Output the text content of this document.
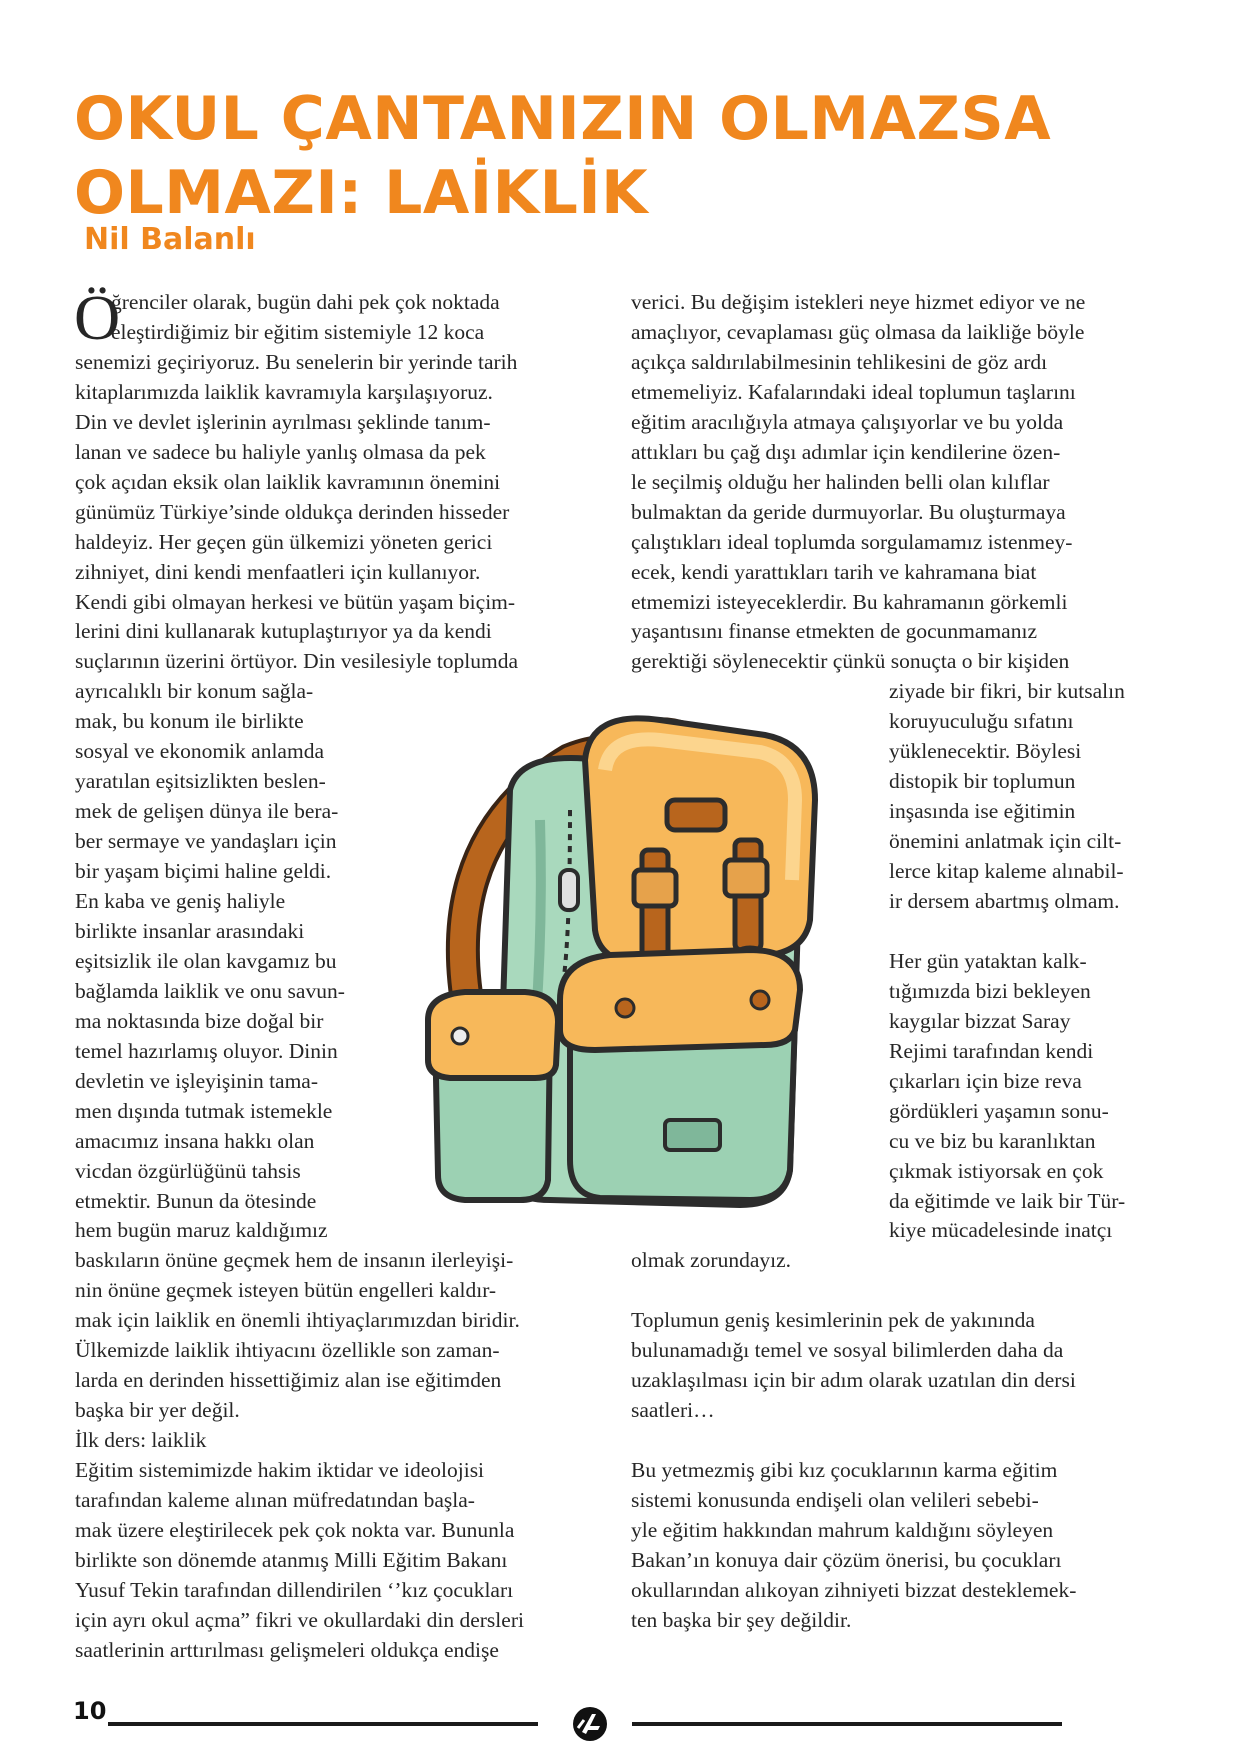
OKUL ÇANTANIZIN OLMAZSA
OLMAZI: LAİKLİK

Nil Balanlı

Ö
ğrenciler olarak, bugün dahi pek çok noktada
eleştirdiğimiz bir eğitim sistemiyle 12 koca
senemizi geçiriyoruz. Bu senelerin bir yerinde tarih
kitaplarımızda laiklik kavramıyla karşılaşıyoruz.
Din ve devlet işlerinin ayrılması şeklinde tanım-
lanan ve sadece bu haliyle yanlış olmasa da pek
çok açıdan eksik olan laiklik kavramının önemini
günümüz Türkiye’sinde oldukça derinden hisseder
haldeyiz. Her geçen gün ülkemizi yöneten gerici
zihniyet, dini kendi menfaatleri için kullanıyor.
Kendi gibi olmayan herkesi ve bütün yaşam biçim-
lerini dini kullanarak kutuplaştırıyor ya da kendi
suçlarının üzerini örtüyor. Din vesilesiyle toplumda
ayrıcalıklı bir konum sağla-
mak, bu konum ile birlikte
sosyal ve ekonomik anlamda
yaratılan eşitsizlikten beslen-
mek de gelişen dünya ile bera-
ber sermaye ve yandaşları için
bir yaşam biçimi haline geldi.
En kaba ve geniş haliyle
birlikte insanlar arasındaki
eşitsizlik ile olan kavgamız bu
bağlamda laiklik ve onu savun-
ma noktasında bize doğal bir
temel hazırlamış oluyor. Dinin
devletin ve işleyişinin tama-
men dışında tutmak istemekle
amacımız insana hakkı olan
vicdan özgürlüğünü tahsis
etmektir. Bunun da ötesinde
hem bugün maruz kaldığımız
baskıların önüne geçmek hem de insanın ilerleyişi-
nin önüne geçmek isteyen bütün engelleri kaldır-
mak için laiklik en önemli ihtiyaçlarımızdan biridir.
Ülkemizde laiklik ihtiyacını özellikle son zaman-
larda en derinden hissettiğimiz alan ise eğitimden
başka bir yer değil.
İlk ders: laiklik
Eğitim sistemimizde hakim iktidar ve ideolojisi
tarafından kaleme alınan müfredatından başla-
mak üzere eleştirilecek pek çok nokta var. Bununla
birlikte son dönemde atanmış Milli Eğitim Bakanı
Yusuf Tekin tarafından dillendirilen ‘’kız çocukları
için ayrı okul açma” fikri ve okullardaki din dersleri
saatlerinin arttırılması gelişmeleri oldukça endişe
verici. Bu değişim istekleri neye hizmet ediyor ve ne
amaçlıyor, cevaplaması güç olmasa da laikliğe böyle
açıkça saldırılabilmesinin tehlikesini de göz ardı
etmemeliyiz. Kafalarındaki ideal toplumun taşlarını
eğitim aracılığıyla atmaya çalışıyorlar ve bu yolda
attıkları bu çağ dışı adımlar için kendilerine özen-
le seçilmiş olduğu her halinden belli olan kılıflar
bulmaktan da geride durmuyorlar. Bu oluşturmaya
çalıştıkları ideal toplumda sorgulamamız istenmey-
ecek, kendi yarattıkları tarih ve kahramana biat
etmemizi isteyeceklerdir. Bu kahramanın görkemli
yaşantısını finanse etmekten de gocunmamanız
gerektiği söylenecektir çünkü sonuçta o bir kişiden
ziyade bir fikri, bir kutsalın
koruyuculuğu sıfatını
yüklenecektir. Böylesi
distopik bir toplumun
inşasında ise eğitimin
önemini anlatmak için cilt-
lerce kitap kaleme alınabil-
ir dersem abartmış olmam.
Her gün yataktan kalk-
tığımızda bizi bekleyen
kaygılar bizzat Saray
Rejimi tarafından kendi
çıkarları için bize reva
gördükleri yaşamın sonu-
cu ve biz bu karanlıktan
çıkmak istiyorsak en çok
da eğitimde ve laik bir Tür-
kiye mücadelesinde inatçı
olmak zorundayız.
Toplumun geniş kesimlerinin pek de yakınında
bulunamadığı temel ve sosyal bilimlerden daha da
uzaklaşılması için bir adım olarak uzatılan din dersi
saatleri…
Bu yetmezmiş gibi kız çocuklarının karma eğitim
sistemi konusunda endişeli olan velileri sebebi-
yle eğitim hakkından mahrum kaldığını söyleyen
Bakan’ın konuya dair çözüm önerisi, bu çocukları
okullarından alıkoyan zihniyeti bizzat desteklemek-
ten başka bir şey değildir.
10
